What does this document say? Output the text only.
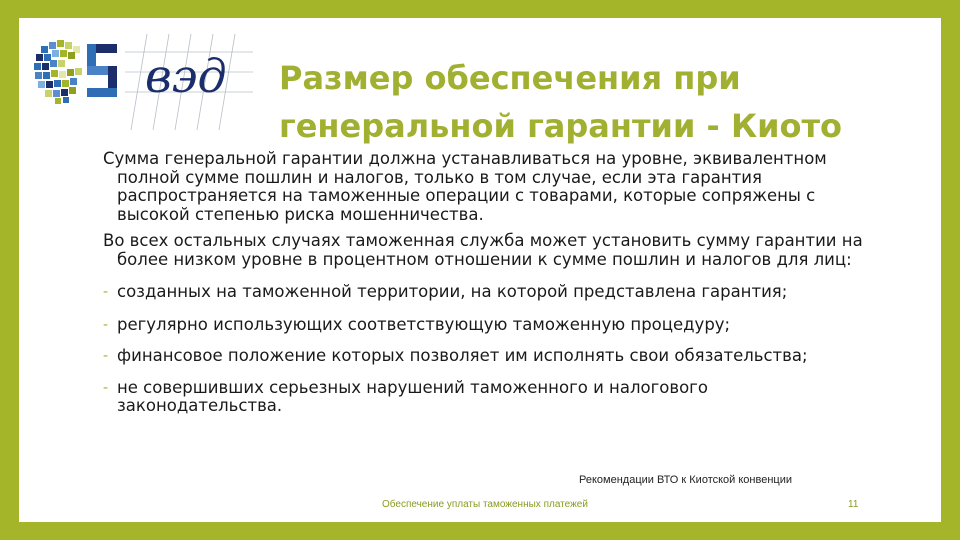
вэд Размер обеспечения при
генеральной гарантии - Киото

Сумма генеральной гарантии должна устанавливаться на уровне, эквивалентном полной сумме пошлин и налогов, только в том случае, если эта гарантия распространяется на таможенные операции с товарами, которые сопряжены с высокой степенью риска мошенничества.

Во всех остальных случаях таможенная служба может установить сумму гарантии на более низком уровне в процентном отношении к сумме пошлин и налогов для лиц:

- созданных на таможенной территории, на которой представлена гарантия;
- регулярно использующих соответствующую таможенную процедуру;
- финансовое положение которых позволяет им исполнять свои обязательства;
- не совершивших серьезных нарушений таможенного и налогового законодательства.
Рекомендации ВТО к Киотской конвенции
Обеспечение уплаты таможенных платежей	11
